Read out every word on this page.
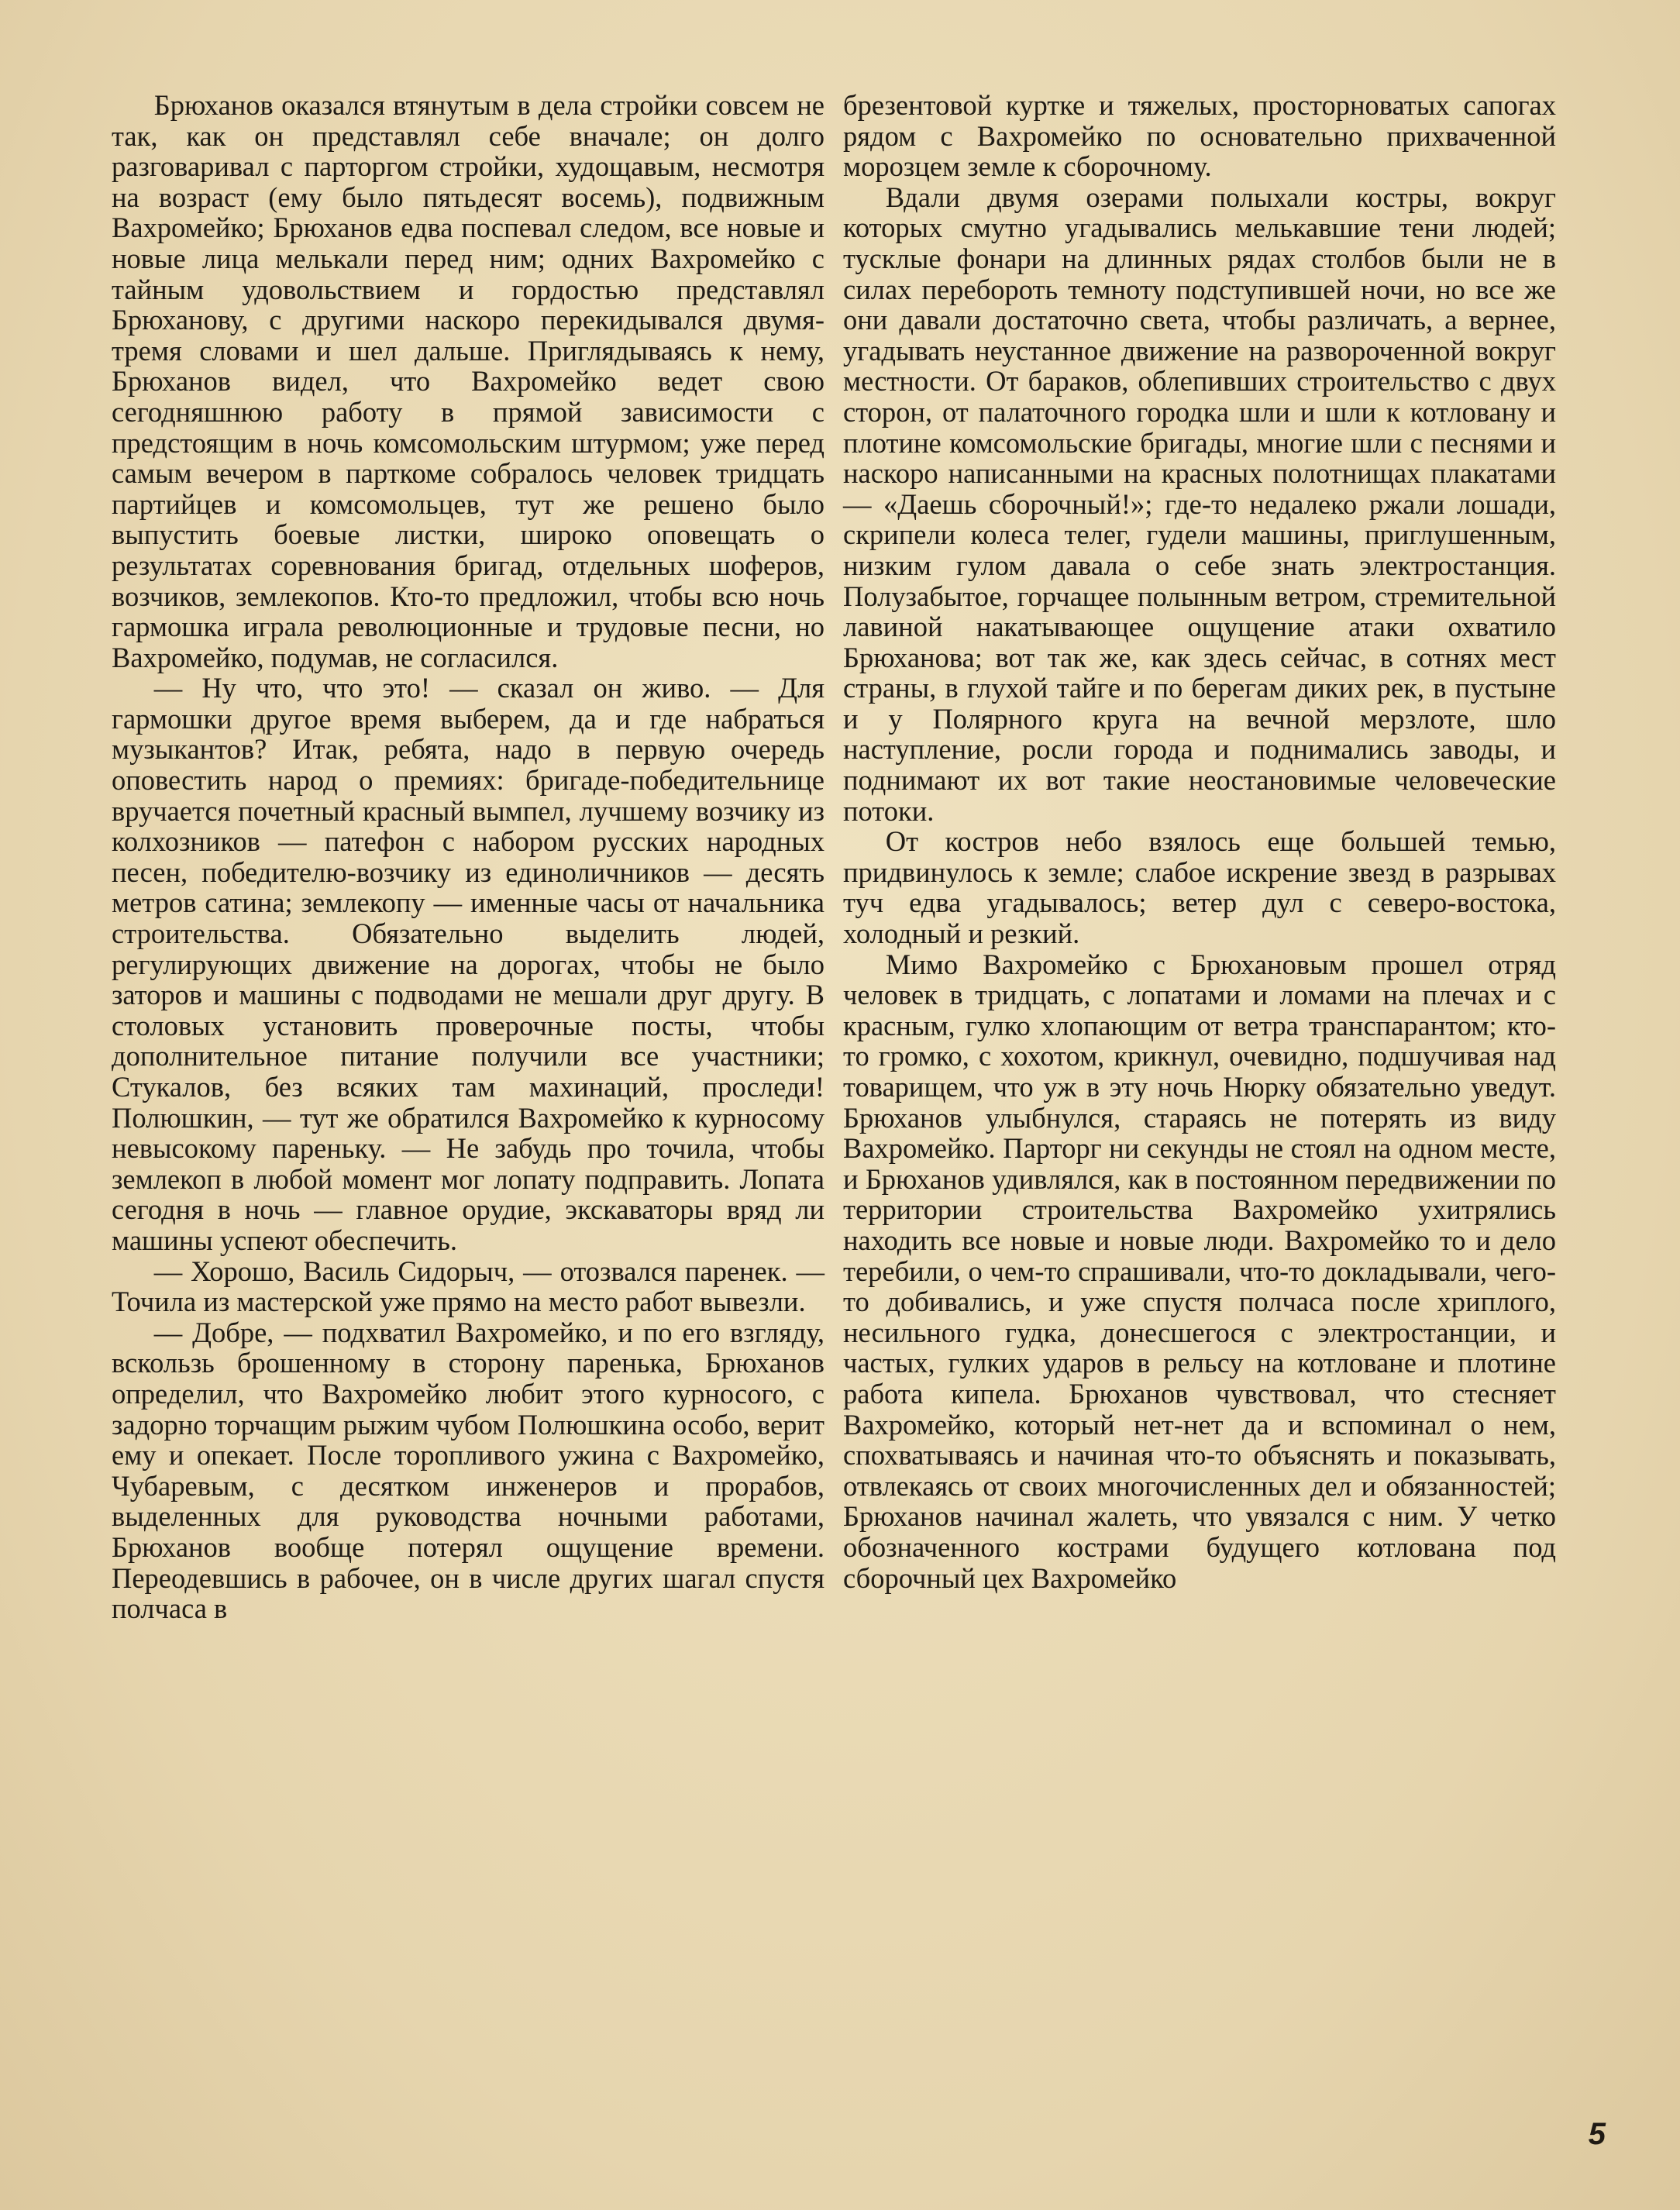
Брюханов оказался втянутым в дела стройки совсем не так, как он представлял себе вначале; он долго разговаривал с парторгом стройки, худощавым, несмотря на возраст (ему было пятьдесят восемь), подвижным Вахромейко; Брюханов едва поспевал следом, все новые и новые лица мелькали перед ним; одних Вахромейко с тайным удовольствием и гордостью представлял Брюханову, с другими наскоро перекидывался двумя-тремя словами и шел дальше. Приглядываясь к нему, Брюханов видел, что Вахромейко ведет свою сегодняшнюю работу в прямой зависимости с предстоящим в ночь комсомольским штурмом; уже перед самым вечером в парткоме собралось человек тридцать партийцев и комсомольцев, тут же решено было выпустить боевые листки, широко оповещать о результатах соревнования бригад, отдельных шоферов, возчиков, землекопов. Кто-то предложил, чтобы всю ночь гармошка играла революционные и трудовые песни, но Вахромейко, подумав, не согласился.

— Ну что, что это! — сказал он живо. — Для гармошки другое время выберем, да и где набраться музыкантов? Итак, ребята, надо в первую очередь оповестить народ о премиях: бригаде-победительнице вручается почетный красный вымпел, лучшему возчику из колхозников — патефон с набором русских народных песен, победителю-возчику из единоличников — десять метров сатина; землекопу — именные часы от начальника строительства. Обязательно выделить людей, регулирующих движение на дорогах, чтобы не было заторов и машины с подводами не мешали друг другу. В столовых установить проверочные посты, чтобы дополнительное питание получили все участники; Стукалов, без всяких там махинаций, проследи! Полюшкин, — тут же обратился Вахромейко к курносому невысокому пареньку. — Не забудь про точила, чтобы землекоп в любой момент мог лопату подправить. Лопата сегодня в ночь — главное орудие, экскаваторы вряд ли машины успеют обеспечить.

— Хорошо, Василь Сидорыч, — отозвался паренек. — Точила из мастерской уже прямо на место работ вывезли.

— Добре, — подхватил Вахромейко, и по его взгляду, вскользь брошенному в сторону паренька, Брюханов определил, что Вахромейко любит этого курносого, с задорно торчащим рыжим чубом Полюшкина особо, верит ему и опекает. После торопливого ужина с Вахромейко, Чубаревым, с десятком инженеров и прорабов, выделенных для руководства ночными работами, Брюханов вообще потерял ощущение времени. Переодевшись в рабочее, он в числе других шагал спустя полчаса в

брезентовой куртке и тяжелых, просторноватых сапогах рядом с Вахромейко по основательно прихваченной морозцем земле к сборочному.

Вдали двумя озерами полыхали костры, вокруг которых смутно угадывались мелькавшие тени людей; тусклые фонари на длинных рядах столбов были не в силах перебороть темноту подступившей ночи, но все же они давали достаточно света, чтобы различать, а вернее, угадывать неустанное движение на развороченной вокруг местности. От бараков, облепивших строительство с двух сторон, от палаточного городка шли и шли к котловану и плотине комсомольские бригады, многие шли с песнями и наскоро написанными на красных полотнищах плакатами — «Даешь сборочный!»; где-то недалеко ржали лошади, скрипели колеса телег, гудели машины, приглушенным, низким гулом давала о себе знать электростанция. Полузабытое, горчащее полынным ветром, стремительной лавиной накатывающее ощущение атаки охватило Брюханова; вот так же, как здесь сейчас, в сотнях мест страны, в глухой тайге и по берегам диких рек, в пустыне и у Полярного круга на вечной мерзлоте, шло наступление, росли города и поднимались заводы, и поднимают их вот такие неостановимые человеческие потоки.

От костров небо взялось еще большей темью, придвинулось к земле; слабое искрение звезд в разрывах туч едва угадывалось; ветер дул с северо-востока, холодный и резкий.

Мимо Вахромейко с Брюхановым прошел отряд человек в тридцать, с лопатами и ломами на плечах и с красным, гулко хлопающим от ветра транспарантом; кто-то громко, с хохотом, крикнул, очевидно, подшучивая над товарищем, что уж в эту ночь Нюрку обязательно уведут. Брюханов улыбнулся, стараясь не потерять из виду Вахромейко. Парторг ни секунды не стоял на одном месте, и Брюханов удивлялся, как в постоянном передвижении по территории строительства Вахромейко ухитрялись находить все новые и новые люди. Вахромейко то и дело теребили, о чем-то спрашивали, что-то докладывали, чего-то добивались, и уже спустя полчаса после хриплого, несильного гудка, донесшегося с электростанции, и частых, гулких ударов в рельсу на котловане и плотине работа кипела. Брюханов чувствовал, что стесняет Вахромейко, который нет-нет да и вспоминал о нем, спохватываясь и начиная что-то объяснять и показывать, отвлекаясь от своих многочисленных дел и обязанностей; Брюханов начинал жалеть, что увязался с ним. У четко обозначенного кострами будущего котлована под сборочный цех Вахромейко

5
